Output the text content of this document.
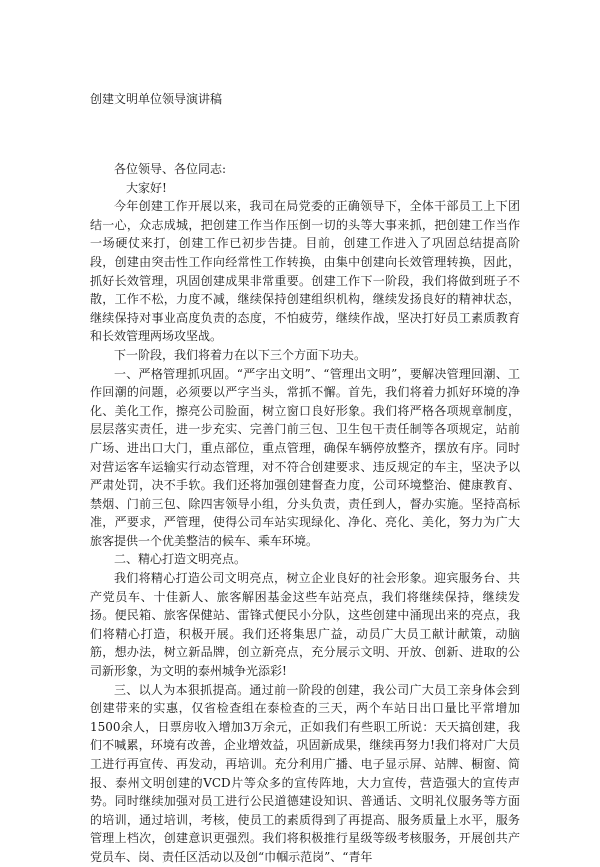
创建文明单位领导演讲稿

各位领导、各位同志:

大家好!

今年创建工作开展以来，我司在局党委的正确领导下，全体干部员工上下团结一心，众志成城，把创建工作当作压倒一切的头等大事来抓，把创建工作当作一场硬仗来打，创建工作已初步告捷。目前，创建工作进入了巩固总结提高阶段，创建由突击性工作向经常性工作转换，由集中创建向长效管理转换，因此，抓好长效管理，巩固创建成果非常重要。创建工作下一阶段，我们将做到班子不散，工作不松，力度不减，继续保持创建组织机构，继续发扬良好的精神状态，继续保持对事业高度负责的态度，不怕疲劳，继续作战，坚决打好员工素质教育和长效管理两场攻坚战。

下一阶段，我们将着力在以下三个方面下功夫。

一、严格管理抓巩固。“严字出文明”、“管理出文明”，要解决管理回潮、工作回潮的问题，必须要以严字当头，常抓不懈。首先，我们将着力抓好环境的净化、美化工作，擦亮公司脸面，树立窗口良好形象。我们将严格各项规章制度，层层落实责任，进一步充实、完善门前三包、卫生包干责任制等各项规定，站前广场、进出口大门，重点部位，重点管理，确保车辆停放整齐，摆放有序。同时对营运客车运输实行动态管理，对不符合创建要求、违反规定的车主，坚决予以严肃处罚，决不手软。我们还将加强创建督查力度，公司环境整治、健康教育、禁烟、门前三包、除四害领导小组，分头负责，责任到人，督办实施。坚持高标准，严要求，严管理，使得公司车站实现绿化、净化、亮化、美化，努力为广大旅客提供一个优美整洁的候车、乘车环境。

二、精心打造文明亮点。

我们将精心打造公司文明亮点，树立企业良好的社会形象。迎宾服务台、共产党员车、十佳新人、旅客解困基金这些车站亮点，我们将继续保持，继续发扬。便民箱、旅客保健站、雷锋式便民小分队，这些创建中涌现出来的亮点，我们将精心打造，积极开展。我们还将集思广益，动员广大员工献计献策，动脑筋，想办法，树立新品牌，创立新亮点，充分展示文明、开放、创新、进取的公司新形象，为文明的泰州城争光添彩!

三、以人为本狠抓提高。通过前一阶段的创建，我公司广大员工亲身体会到创建带来的实惠，仅省检查组在泰检查的三天，两个车站日出口量比平常增加1500余人，日票房收入增加3万余元，正如我们有些职工所说：天天搞创建，我们不喊累，环境有改善，企业增效益，巩固新成果，继续再努力!我们将对广大员工进行再宣传、再发动，再培训。充分利用广播、电子显示屏、站牌、橱窗、简报、泰州文明创建的VCD片等众多的宣传阵地，大力宣传，营造强大的宣传声势。同时继续加强对员工进行公民道德建设知识、普通话、文明礼仪服务等方面的培训，通过培训，考核，使员工的素质得到了再提高、服务质量上水平，服务管理上档次，创建意识更强烈。我们将积极推行星级等级考核服务，开展创共产党员车、岗、责任区活动以及创“巾帼示范岗”、“青年
